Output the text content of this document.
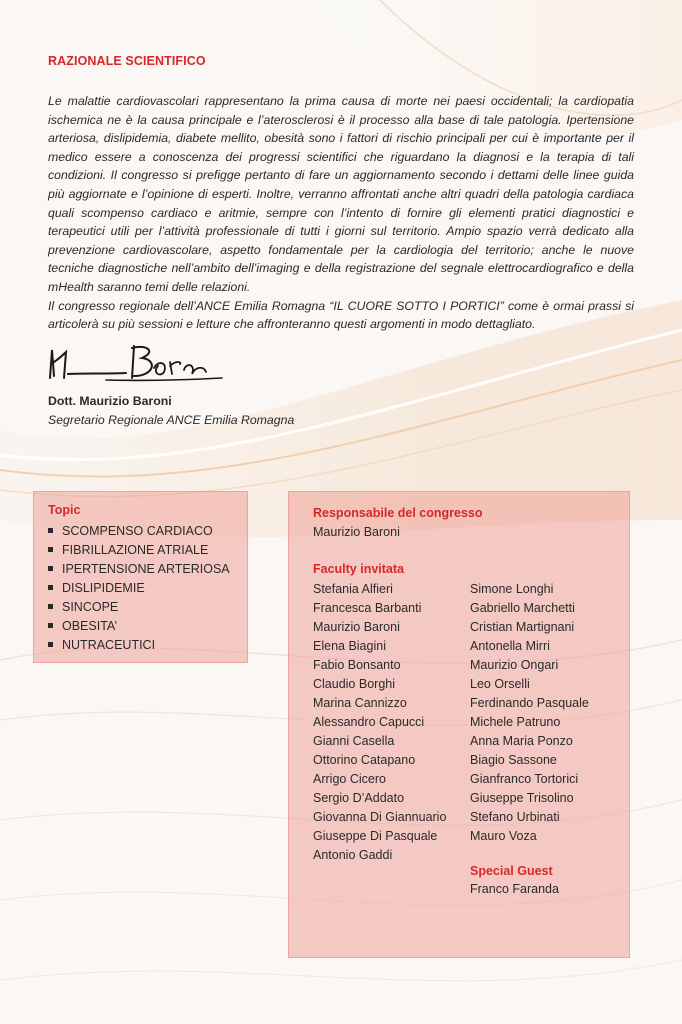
RAZIONALE SCIENTIFICO

Le malattie cardiovascolari rappresentano la prima causa di morte nei paesi occidentali; la cardiopatia ischemica ne è la causa principale e l’aterosclerosi è il processo alla base di tale patologia. Ipertensione arteriosa, dislipidemia, diabete mellito, obesità sono i fattori di rischio principali per cui è importante per il medico essere a conoscenza dei progressi scientifici che riguardano la diagnosi e la terapia di tali condizioni. Il congresso si prefigge pertanto di fare un aggiornamento secondo i dettami delle linee guida più aggiornate e l’opinione di esperti. Inoltre, verranno affrontati anche altri quadri della patologia cardiaca quali scompenso cardiaco e aritmie, sempre con l’intento di fornire gli elementi pratici diagnostici e terapeutici utili per l’attività professionale di tutti i giorni sul territorio. Ampio spazio verrà dedicato alla prevenzione cardiovascolare, aspetto fondamentale per la cardiologia del territorio; anche le nuove tecniche diagnostiche nell’ambito dell’imaging e della registrazione del segnale elettrocardiografico e della mHealth saranno temi delle relazioni.

Il congresso regionale dell’ANCE Emilia Romagna “IL CUORE SOTTO I PORTICI” come è ormai prassi si articolerà su più sessioni e letture che affronteranno questi argomenti in modo dettagliato.

Dott. Maurizio Baroni
Segretario Regionale ANCE Emilia Romagna
Topic
SCOMPENSO CARDIACO
FIBRILLAZIONE ATRIALE
IPERTENSIONE ARTERIOSA
DISLIPIDEMIE
SINCOPE
OBESITA’
NUTRACEUTICI
Responsabile del congresso
Maurizio Baroni
Faculty invitata
Stefania Alfieri
Francesca Barbanti
Maurizio Baroni
Elena Biagini
Fabio Bonsanto
Claudio Borghi
Marina Cannizzo
Alessandro Capucci
Gianni Casella
Ottorino Catapano
Arrigo Cicero
Sergio D’Addato
Giovanna Di Giannuario
Giuseppe Di Pasquale
Antonio Gaddi
Simone Longhi
Gabriello Marchetti
Cristian Martignani
Antonella Mirri
Maurizio Ongari
Leo Orselli
Ferdinando Pasquale
Michele Patruno
Anna Maria Ponzo
Biagio Sassone
Gianfranco Tortorici
Giuseppe Trisolino
Stefano Urbinati
Mauro Voza
Special Guest
Franco Faranda
